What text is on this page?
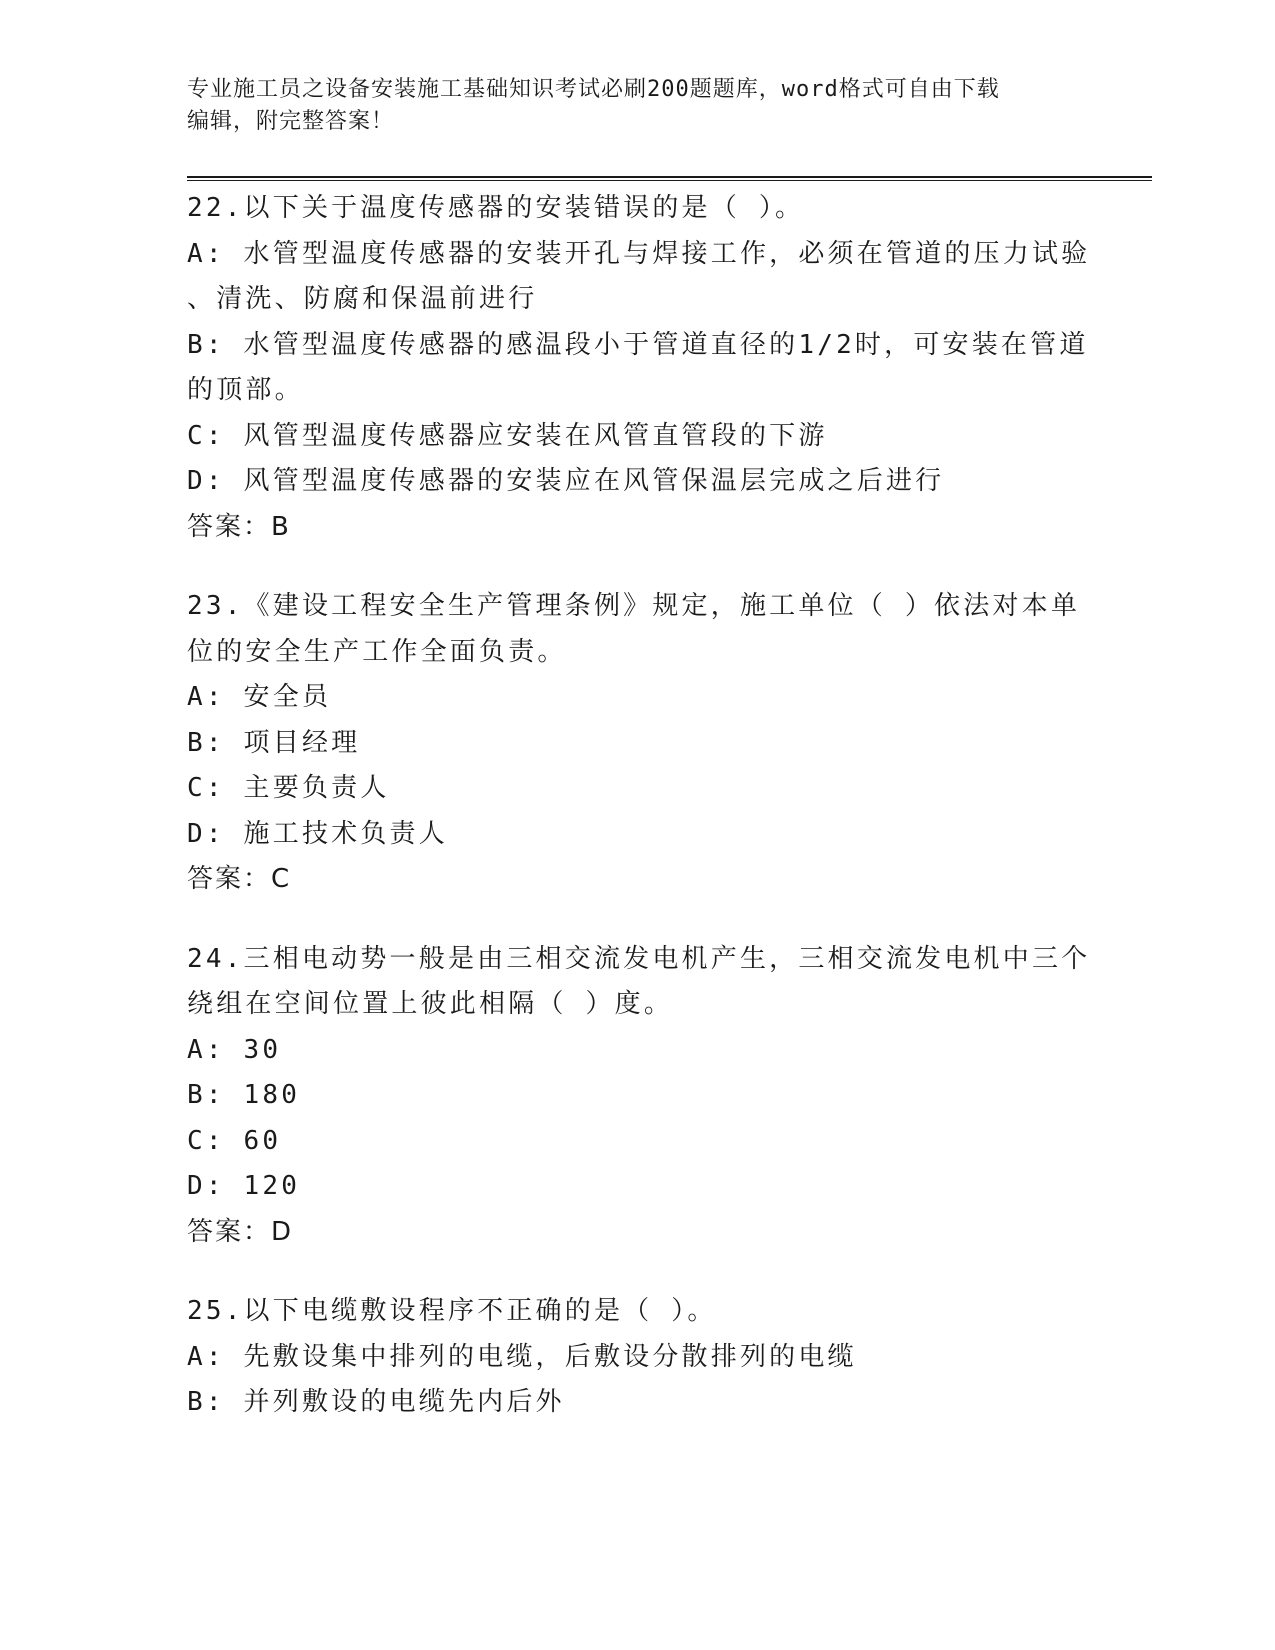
专业施工员之设备安装施工基础知识考试必刷200题题库，word格式可自由下载
编辑，附完整答案！
22.以下关于温度传感器的安装错误的是（ ）。
A: 水管型温度传感器的安装开孔与焊接工作，必须在管道的压力试验
、清洗、防腐和保温前进行
B: 水管型温度传感器的感温段小于管道直径的1/2时，可安装在管道
的顶部。
C: 风管型温度传感器应安装在风管直管段的下游
D: 风管型温度传感器的安装应在风管保温层完成之后进行
答案：B
23.《建设工程安全生产管理条例》规定，施工单位（ ）依法对本单
位的安全生产工作全面负责。
A: 安全员
B: 项目经理
C: 主要负责人
D: 施工技术负责人
答案：C
24.三相电动势一般是由三相交流发电机产生，三相交流发电机中三个
绕组在空间位置上彼此相隔（ ）度。
A: 30
B: 180
C: 60
D: 120
答案：D
25.以下电缆敷设程序不正确的是（ ）。
A: 先敷设集中排列的电缆，后敷设分散排列的电缆
B: 并列敷设的电缆先内后外
